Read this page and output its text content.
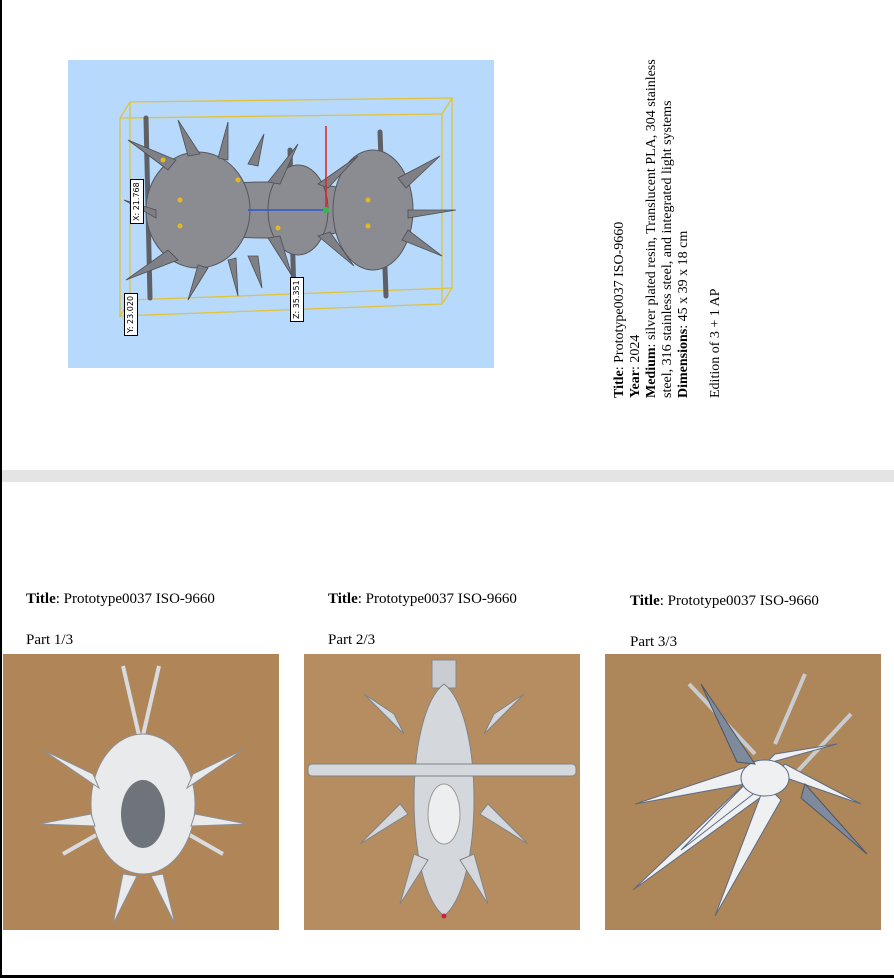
X: 21.768
Y: 23.020	Z: 35.351

Title: Prototype0037 ISO-9660

Year: 2024 Medium: silver plated resin, Translucent PLA, 304 stainless steel, 316 stainless steel, and integrated light systems Dimensions: 45 x 39 x 18 cm

Edition of 3 + 1 AP

Title: Prototype0037 ISO-9660
Part 1/3
Title: Prototype0037 ISO-9660
Part 2/3
Title: Prototype0037 ISO-9660
Part 3/3
